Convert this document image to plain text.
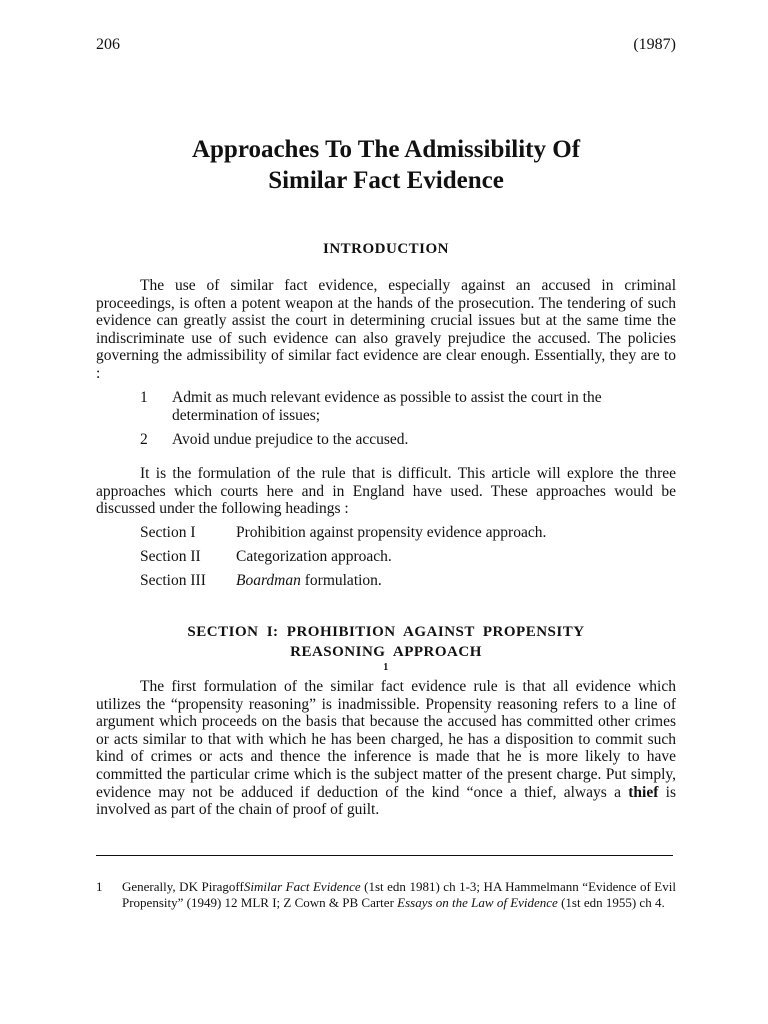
206	(1987)
Approaches To The Admissibility Of
Similar Fact Evidence
INTRODUCTION

The use of similar fact evidence, especially against an accused in criminal proceedings, is often a potent weapon at the hands of the prosecution. The tendering of such evidence can greatly assist the court in determining crucial issues but at the same time the indiscriminate use of such evidence can also gravely prejudice the accused. The policies governing the admissibility of similar fact evidence are clear enough. Essentially, they are to :

1	Admit as much relevant evidence as possible to assist the court in the determination of issues;
2	Avoid undue prejudice to the accused.

It is the formulation of the rule that is difficult. This article will explore the three approaches which courts here and in England have used. These approaches would be discussed under the following headings :

Section I	Prohibition against propensity evidence approach.
Section II	Categorization approach.
Section III	Boardman formulation.
SECTION I: PROHIBITION AGAINST PROPENSITY
REASONING APPROACH
$^1$

The first formulation of the similar fact evidence rule is that all evidence which utilizes the “propensity reasoning” is inadmissible. Propensity reasoning refers to a line of argument which proceeds on the basis that because the accused has committed other crimes or acts similar to that with which he has been charged, he has a disposition to commit such kind of crimes or acts and thence the inference is made that he is more likely to have committed the particular crime which is the subject matter of the present charge. Put simply, evidence may not be adduced if deduction of the kind “once a thief, always a thief is involved as part of the chain of proof of guilt.

1	Generally, DK PiragoffSimilar Fact Evidence (1st edn 1981) ch 1-3; HA Hammelmann “Evidence of Evil Propensity” (1949) 12 MLR I; Z Cown & PB Carter Essays on the Law of Evidence (1st edn 1955) ch 4.
